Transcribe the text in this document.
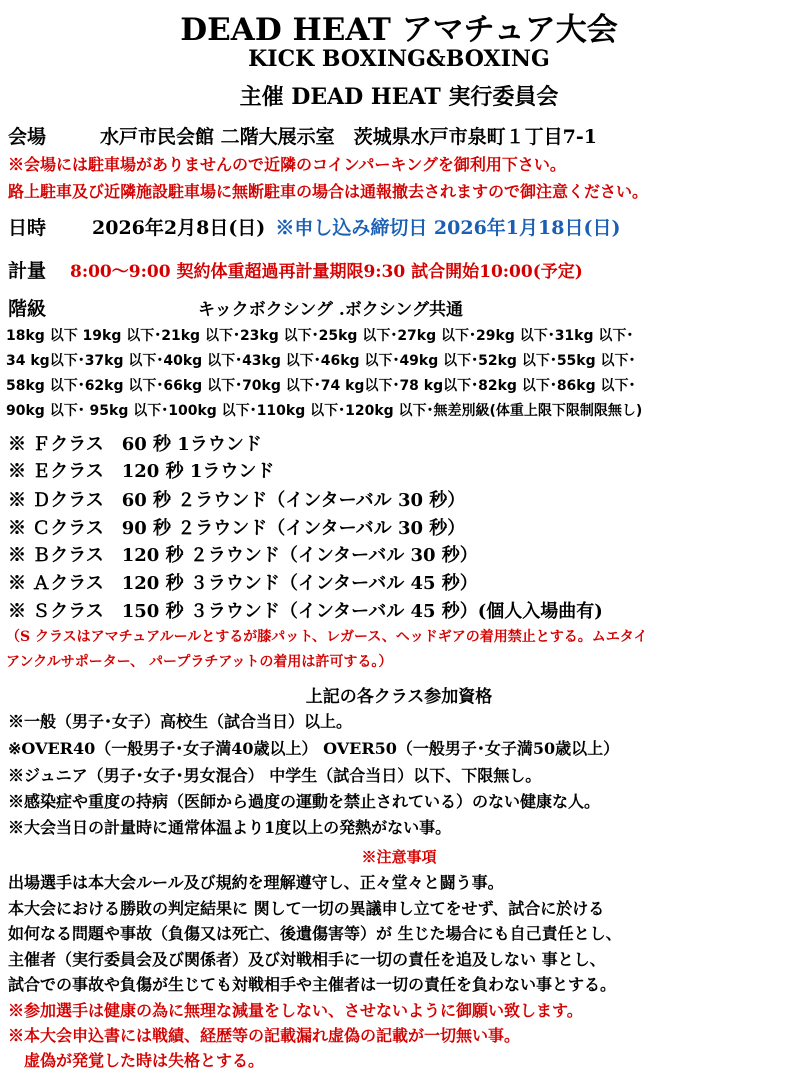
DEAD HEAT アマチュア大会
KICK BOXING&BOXING
主催 DEAD HEAT 実行委員会
会場	水戸市民会館 二階大展示室　茨城県水戸市泉町１丁目7-1
※会場には駐車場がありませんので近隣のコインパーキングを御利用下さい。
路上駐車及び近隣施設駐車場に無断駐車の場合は通報撤去されますので御注意ください。
日時 2026年2月8日(日) ※申し込み締切日 2026年1月18日(日)
計量 8:00～9:00 契約体重超過再計量期限9:30 試合開始10:00(予定)
階級	キックボクシング .ボクシング共通
18kg 以下 19kg 以下･21kg 以下･23kg 以下･25kg 以下･27kg 以下･29kg 以下･31kg 以下･
34 kg以下･37kg 以下･40kg 以下･43kg 以下･46kg 以下･49kg 以下･52kg 以下･55kg 以下･
58kg 以下･62kg 以下･66kg 以下･70kg 以下･74 kg以下･78 kg以下･82kg 以下･86kg 以下･
90kg 以下･ 95kg 以下･100kg 以下･110kg 以下･120kg 以下･無差別級(体重上限下限制限無し)
※ Ｆクラス　60 秒 1ラウンド
※ Ｅクラス　120 秒 1ラウンド
※ Ｄクラス　60 秒 ２ラウンド（インターバル 30 秒）
※ Ｃクラス　90 秒 ２ラウンド（インターバル 30 秒）
※ Ｂクラス　120 秒 ２ラウンド（インターバル 30 秒）
※ Ａクラス　120 秒 ３ラウンド（インターバル 45 秒）
※ Ｓクラス　150 秒 ３ラウンド（インターバル 45 秒）(個人入場曲有)
（S クラスはアマチュアルールとするが膝パット、レガース、ヘッドギアの着用禁止とする。ムエタイ
アンクルサポーター、 パープラチアットの着用は許可する。）
上記の各クラス参加資格
※一般（男子･女子）高校生（試合当日）以上。
※OVER40（一般男子･女子満40歳以上） OVER50（一般男子･女子満50歳以上）
※ジュニア（男子･女子･男女混合） 中学生（試合当日）以下、下限無し。
※感染症や重度の持病（医師から過度の運動を禁止されている）のない健康な人。
※大会当日の計量時に通常体温より1度以上の発熱がない事。
※注意事項
出場選手は本大会ルール及び規約を理解遵守し、正々堂々と闘う事。
本大会における勝敗の判定結果に 関して一切の異議申し立てをせず、試合に於ける
如何なる問題や事故（負傷又は死亡、後遺傷害等）が 生じた場合にも自己責任とし、
主催者（実行委員会及び関係者）及び対戦相手に一切の責任を追及しない 事とし、
試合での事故や負傷が生じても対戦相手や主催者は一切の責任を負わない事とする。
※参加選手は健康の為に無理な減量をしない、させないように御願い致します。
※本大会申込書には戦績、経歴等の記載漏れ虚偽の記載が一切無い事。
　虚偽が発覚した時は失格とする。
